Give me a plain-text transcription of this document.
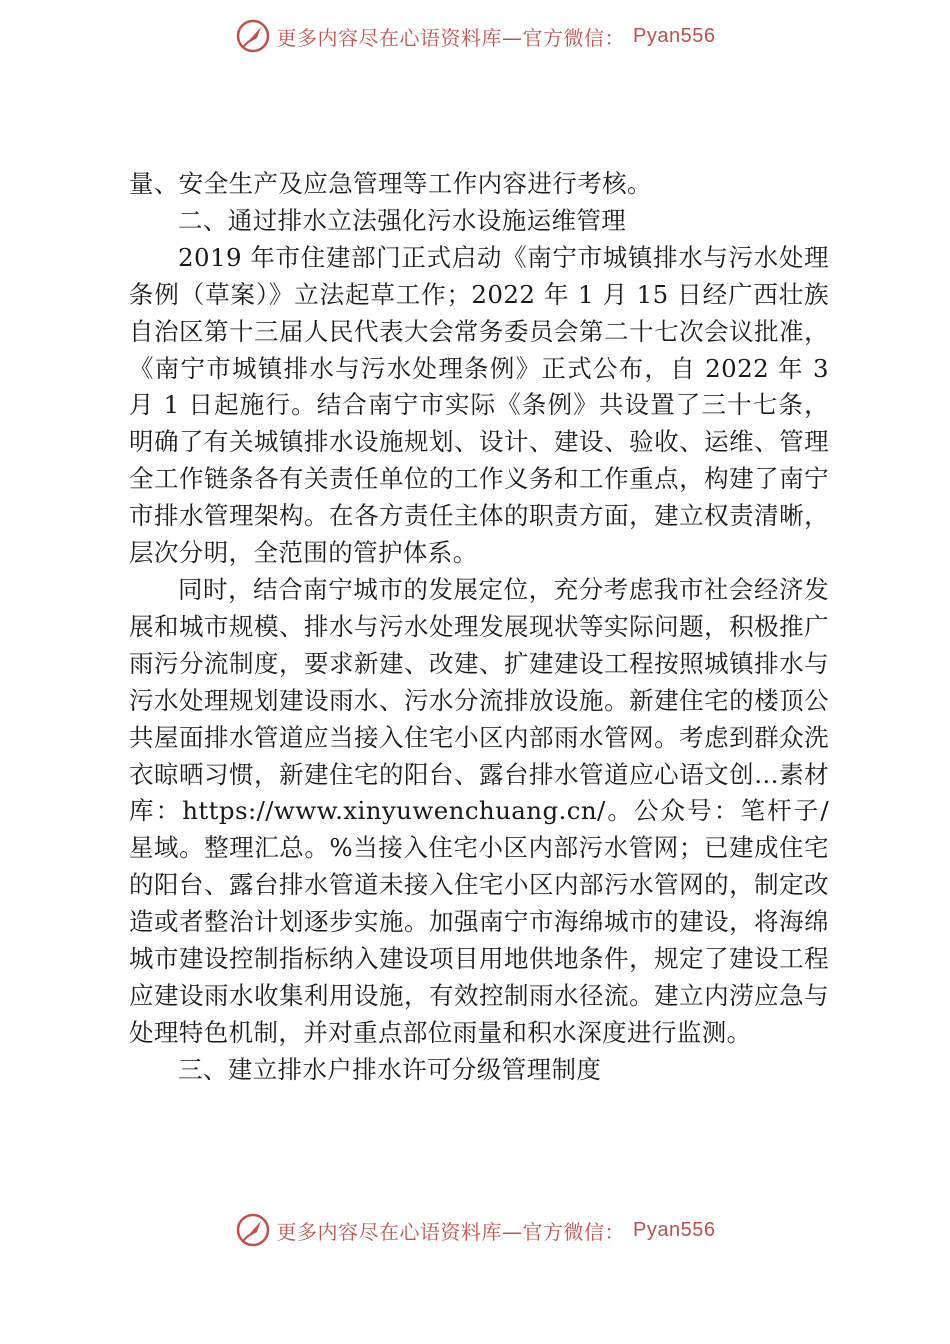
更多内容尽在心语资料库—官方微信： Pyan556

量、安全生产及应急管理等工作内容进行考核。

二、通过排水立法强化污水设施运维管理

2019 年市住建部门正式启动《南宁市城镇排水与污水处理条例（草案）》立法起草工作；2022 年 1 月 15 日经广西壮族自治区第十三届人民代表大会常务委员会第二十七次会议批准，《南宁市城镇排水与污水处理条例》正式公布，自 2022 年 3 月 1 日起施行。结合南宁市实际《条例》共设置了三十七条，明确了有关城镇排水设施规划、设计、建设、验收、运维、管理全工作链条各有关责任单位的工作义务和工作重点，构建了南宁市排水管理架构。在各方责任主体的职责方面，建立权责清晰，层次分明，全范围的管护体系。

同时，结合南宁城市的发展定位，充分考虑我市社会经济发展和城市规模、排水与污水处理发展现状等实际问题，积极推广雨污分流制度，要求新建、改建、扩建建设工程按照城镇排水与污水处理规划建设雨水、污水分流排放设施。新建住宅的楼顶公共屋面排水管道应当接入住宅小区内部雨水管网。考虑到群众洗衣晾晒习惯，新建住宅的阳台、露台排水管道应心语文创…素材库：https://www.xinyuwenchuang.cn/。公众号：笔杆子/星域。整理汇总。%当接入住宅小区内部污水管网；已建成住宅的阳台、露台排水管道未接入住宅小区内部污水管网的，制定改造或者整治计划逐步实施。加强南宁市海绵城市的建设，将海绵城市建设控制指标纳入建设项目用地供地条件，规定了建设工程应建设雨水收集利用设施，有效控制雨水径流。建立内涝应急与处理特色机制，并对重点部位雨量和积水深度进行监测。

三、建立排水户排水许可分级管理制度

更多内容尽在心语资料库—官方微信： Pyan556
